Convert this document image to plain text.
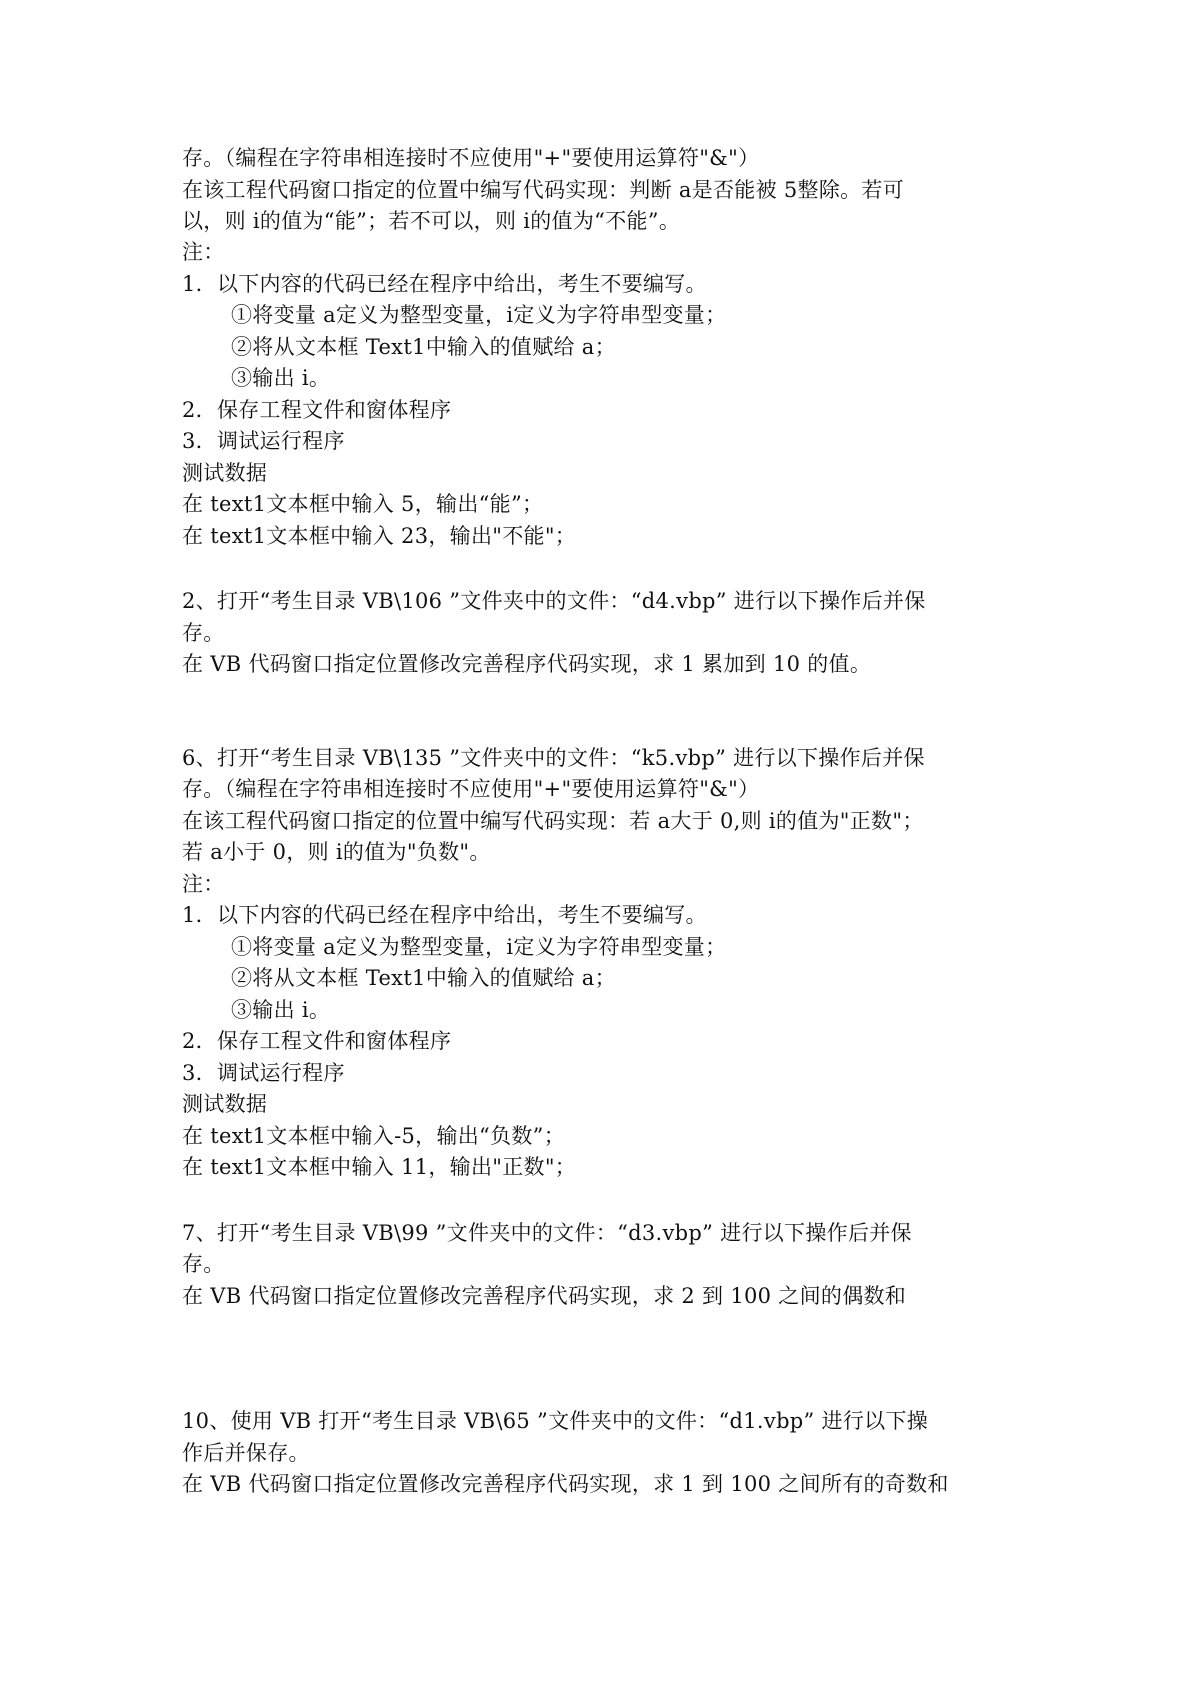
存。（编程在字符串相连接时不应使用"+"要使用运算符"&"）
在该工程代码窗口指定的位置中编写代码实现：判断 a是否能被 5整除。若可
以，则 i的值为“能”；若不可以，则 i的值为“不能”。
注：
1．以下内容的代码已经在程序中给出，考生不要编写。
①将变量 a定义为整型变量，i定义为字符串型变量；
②将从文本框 Text1中输入的值赋给 a；
③输出 i。
2．保存工程文件和窗体程序
3．调试运行程序
测试数据
在 text1文本框中输入 5，输出“能”；
在 text1文本框中输入 23，输出"不能"；
2、打开“考生目录 VB\106 ”文件夹中的文件：“d4.vbp” 进行以下操作后并保
存。
在 VB 代码窗口指定位置修改完善程序代码实现，求 1 累加到 10 的值。
6、打开“考生目录 VB\135 ”文件夹中的文件：“k5.vbp” 进行以下操作后并保
存。（编程在字符串相连接时不应使用"+"要使用运算符"&"）
在该工程代码窗口指定的位置中编写代码实现：若 a大于 0,则 i的值为"正数"；
若 a小于 0，则 i的值为"负数"。
注：
1．以下内容的代码已经在程序中给出，考生不要编写。
①将变量 a定义为整型变量，i定义为字符串型变量；
②将从文本框 Text1中输入的值赋给 a；
③输出 i。
2．保存工程文件和窗体程序
3．调试运行程序
测试数据
在 text1文本框中输入-5，输出“负数”；
在 text1文本框中输入 11，输出"正数"；
7、打开“考生目录 VB\99 ”文件夹中的文件：“d3.vbp” 进行以下操作后并保
存。
在 VB 代码窗口指定位置修改完善程序代码实现，求 2 到 100 之间的偶数和
10、使用 VB 打开“考生目录 VB\65 ”文件夹中的文件：“d1.vbp” 进行以下操
作后并保存。
在 VB 代码窗口指定位置修改完善程序代码实现，求 1 到 100 之间所有的奇数和
